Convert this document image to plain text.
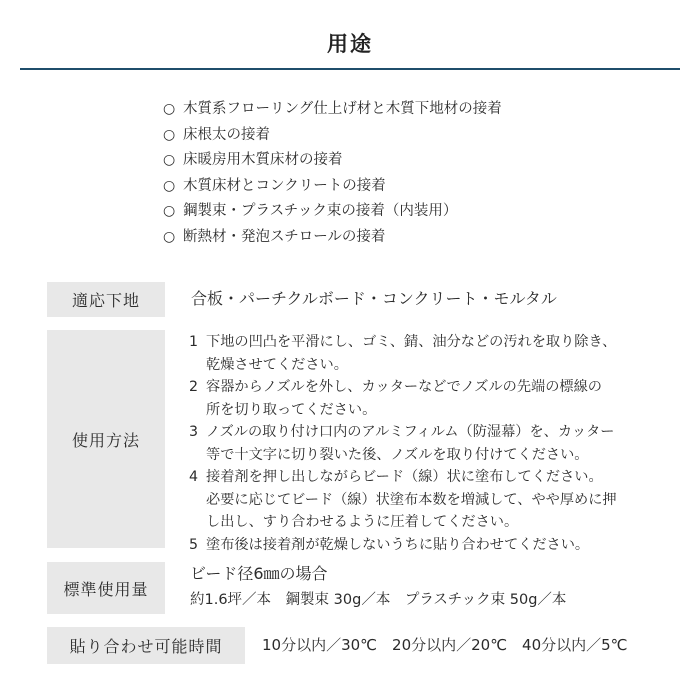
用途
○ 木質系フローリング仕上げ材と木質下地材の接着
○ 床根太の接着
○ 床暖房用木質床材の接着
○ 木質床材とコンクリートの接着
○ 鋼製束・プラスチック束の接着（内装用）
○ 断熱材・発泡スチロールの接着
適応下地	合板・パーチクルボード・コンクリート・モルタル
使用方法
1 下地の凹凸を平滑にし、ゴミ、錆、油分などの汚れを取り除き、
乾燥させてください。
2 容器からノズルを外し、カッターなどでノズルの先端の標線の
所を切り取ってください。
3 ノズルの取り付け口内のアルミフィルム（防湿幕）を、カッター
等で十文字に切り裂いた後、ノズルを取り付けてください。
4 接着剤を押し出しながらビード（線）状に塗布してください。
必要に応じてビード（線）状塗布本数を増減して、やや厚めに押
し出し、すり合わせるように圧着してください。
5 塗布後は接着剤が乾燥しないうちに貼り合わせてください。
標準使用量
ビード径6㎜の場合
約1.6坪／本　鋼製束 30g／本　プラスチック束 50g／本
貼り合わせ可能時間	10分以内／30℃　20分以内／20℃　40分以内／5℃
